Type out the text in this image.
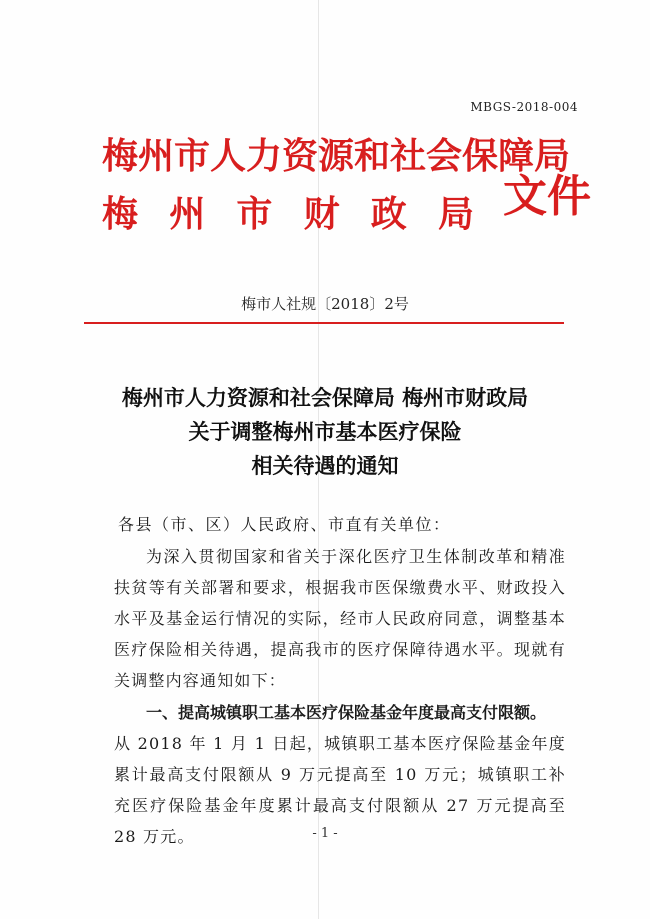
MBGS-2018-004
梅州市人力资源和社会保障局
梅 州 市 财 政 局 文件
梅市人社规〔2018〕2号
梅州市人力资源和社会保障局 梅州市财政局
关于调整梅州市基本医疗保险
相关待遇的通知
各县（市、区）人民政府、市直有关单位：

为深入贯彻国家和省关于深化医疗卫生体制改革和精准扶贫等有关部署和要求，根据我市医保缴费水平、财政投入水平及基金运行情况的实际，经市人民政府同意，调整基本医疗保险相关待遇，提高我市的医疗保障待遇水平。现就有关调整内容通知如下：

一、提高城镇职工基本医疗保险基金年度最高支付限额。

从 2018 年 1 月 1 日起，城镇职工基本医疗保险基金年度累计最高支付限额从 9 万元提高至 10 万元；城镇职工补充医疗保险基金年度累计最高支付限额从 27 万元提高至 28 万元。	- 1 -
